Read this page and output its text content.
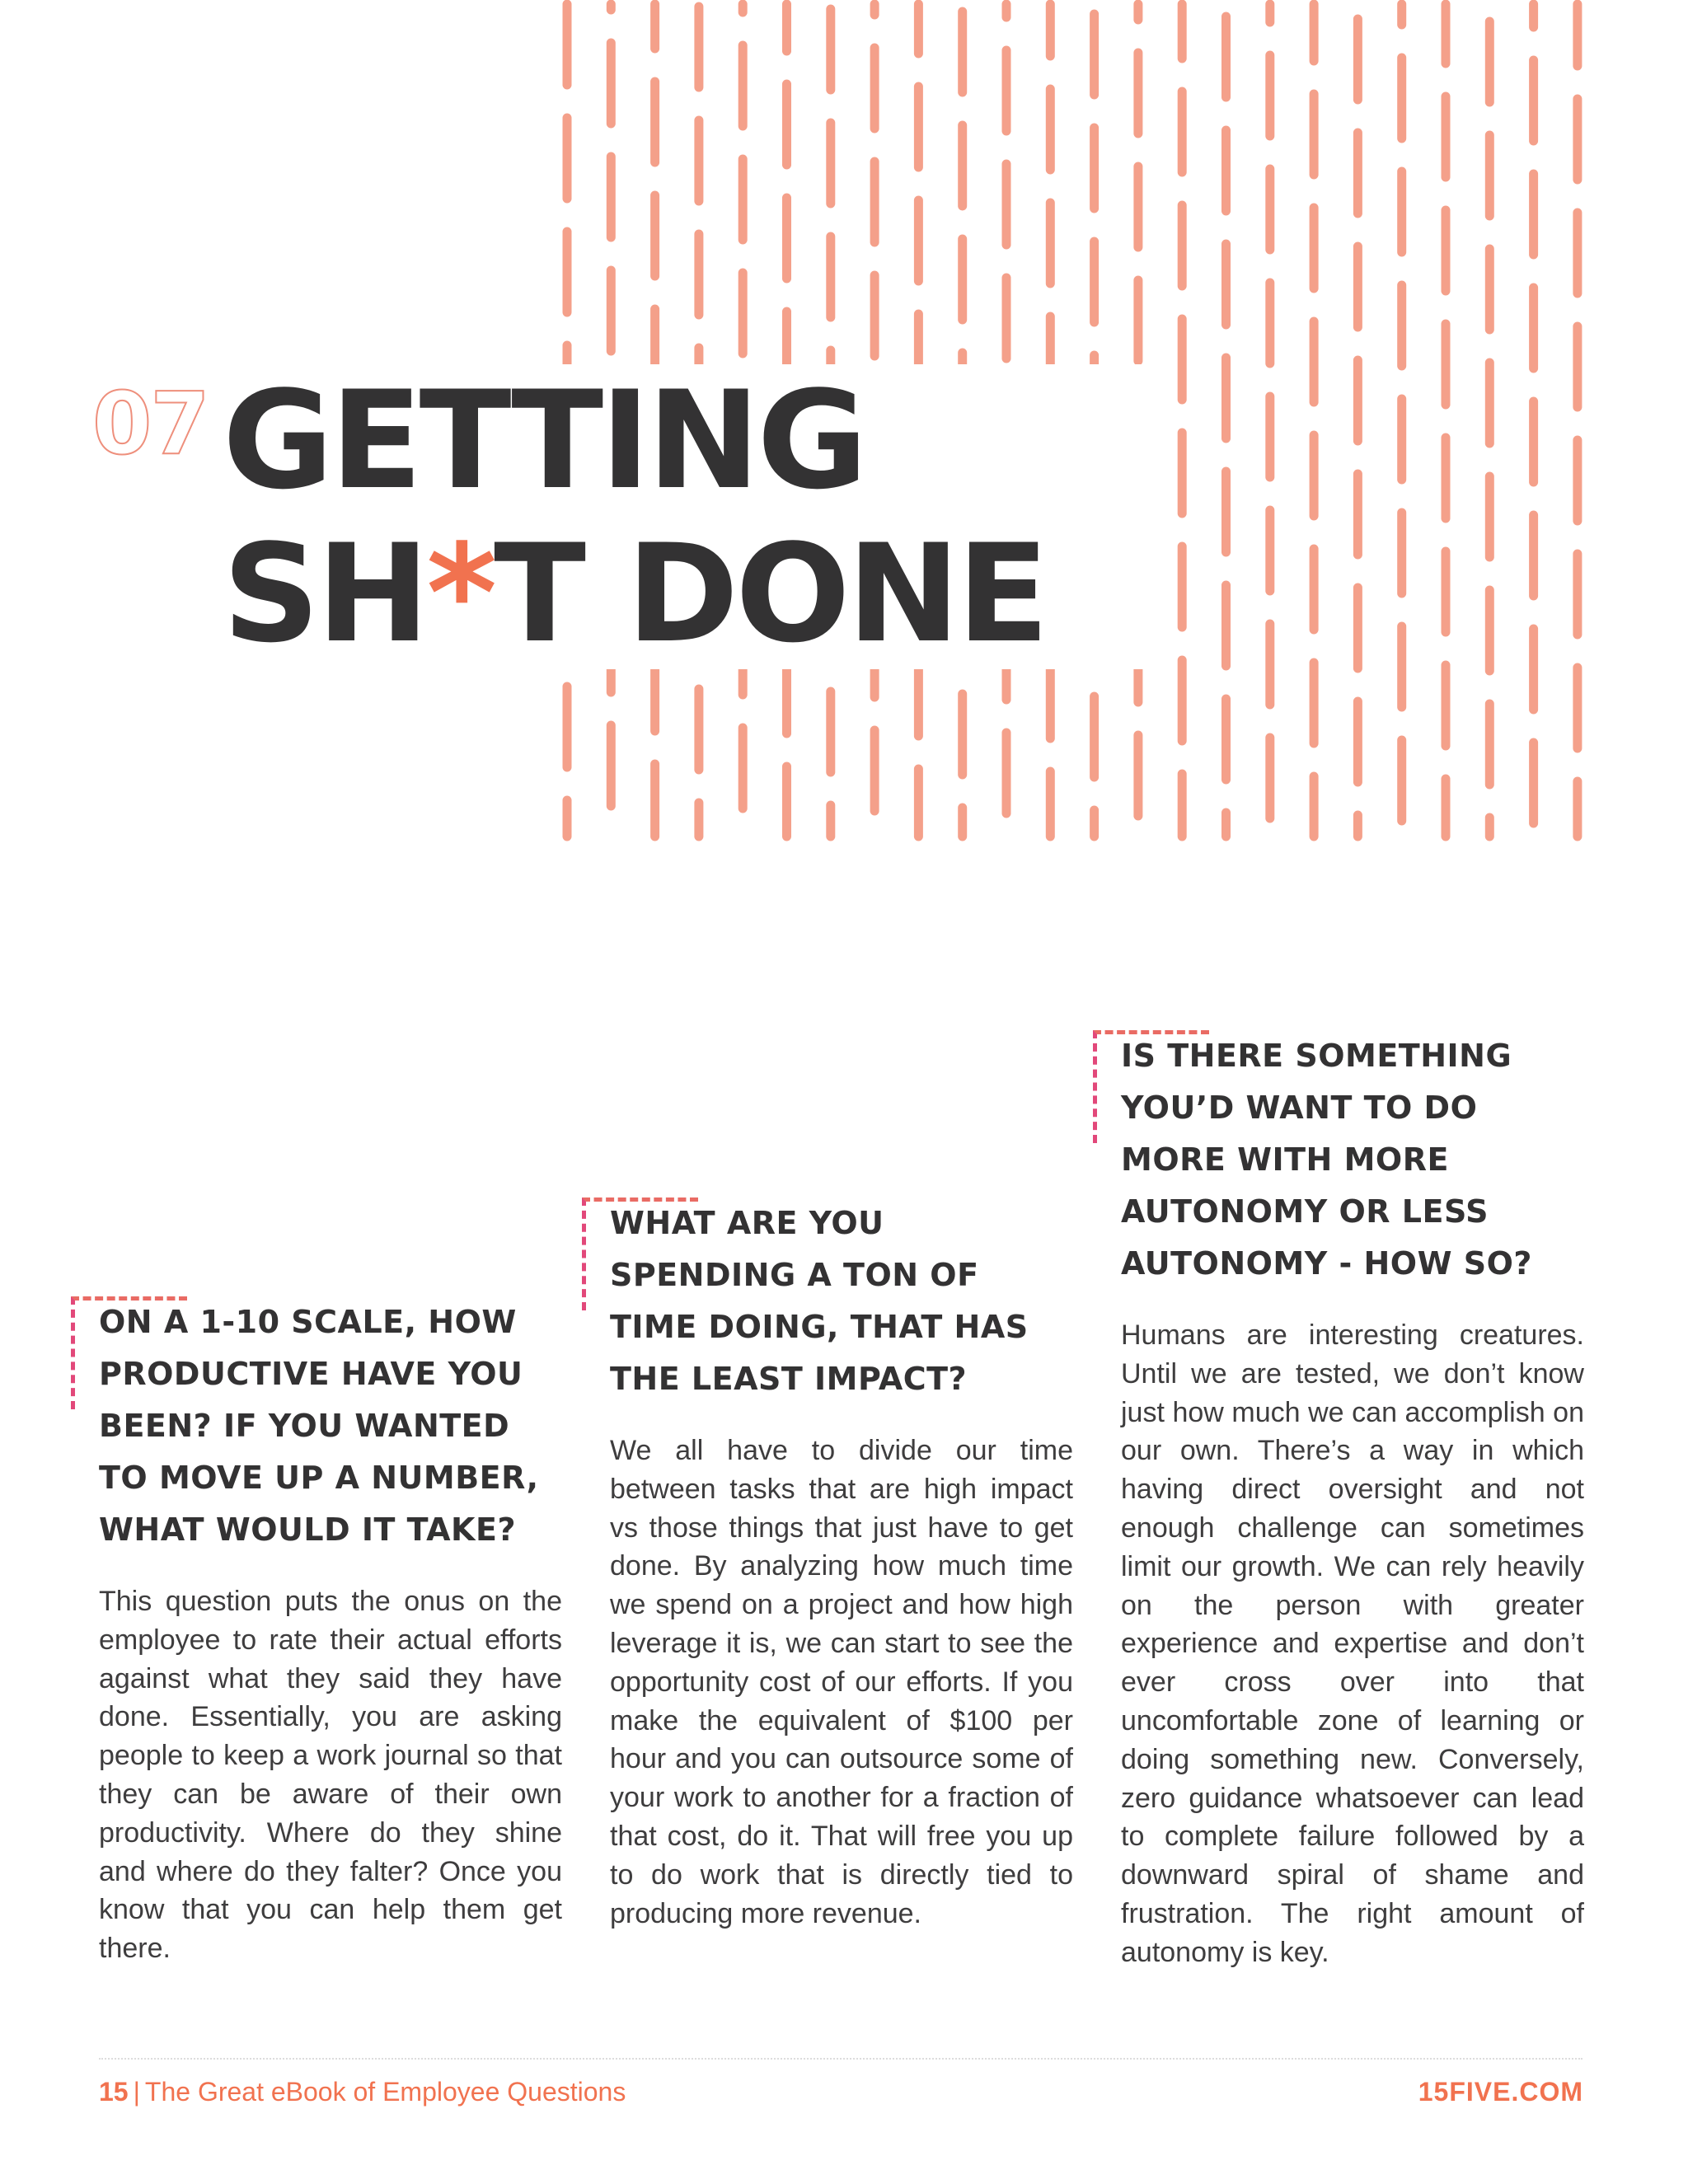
07 GETTING
SH*T DONE
ON A 1-10 SCALE, HOW PRODUCTIVE HAVE YOU BEEN? IF YOU WANTED TO MOVE UP A NUMBER, WHAT WOULD IT TAKE?

This question puts the onus on the employee to rate their actual efforts against what they said they have done. Essentially, you are asking people to keep a work journal so that they can be aware of their own productivity. Where do they shine and where do they falter? Once you know that you can help them get there.

WHAT ARE YOU SPENDING A TON OF TIME DOING, THAT HAS THE LEAST IMPACT?

We all have to divide our time between tasks that are high impact vs those things that just have to get done. By analyzing how much time we spend on a project and how high leverage it is, we can start to see the opportunity cost of our efforts. If you make the equivalent of $100 per hour and you can outsource some of your work to another for a fraction of that cost, do it. That will free you up to do work that is directly tied to producing more revenue.

IS THERE SOMETHING YOU’D WANT TO DO MORE WITH MORE AUTONOMY OR LESS AUTONOMY - HOW SO?

Humans are interesting creatures. Until we are tested, we don’t know just how much we can accomplish on our own. There’s a way in which having direct oversight and not enough challenge can sometimes limit our growth. We can rely heavily on the person with greater experience and expertise and don’t ever cross over into that uncomfortable zone of learning or doing something new. Conversely, zero guidance whatsoever can lead to complete failure followed by a downward spiral of shame and frustration. The right amount of autonomy is key.

15 | The Great eBook of Employee Questions	15FIVE.COM
